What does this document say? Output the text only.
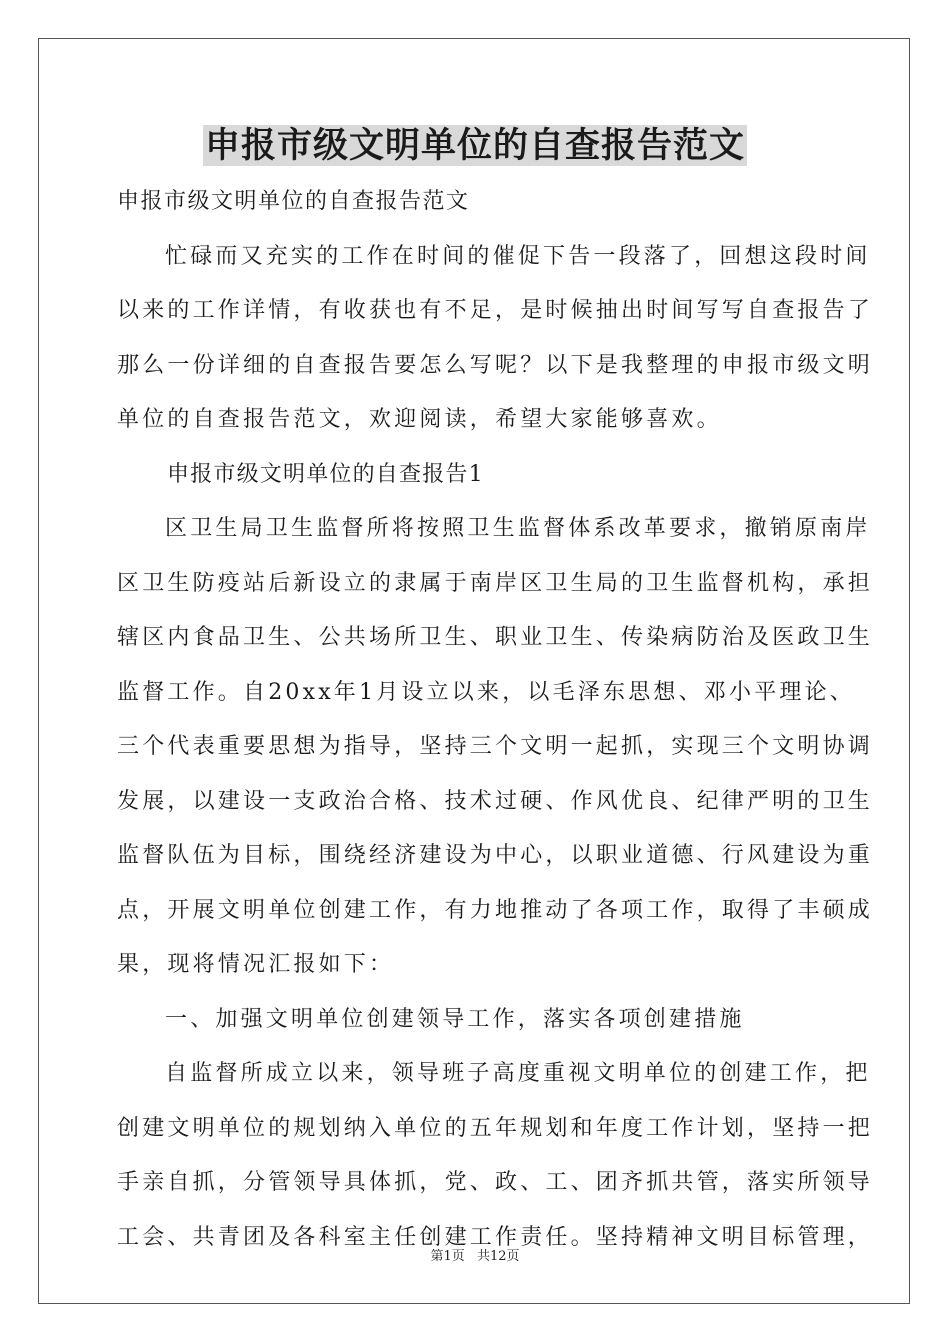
申报市级文明单位的自查报告范文
申报市级文明单位的自查报告范文
忙碌而又充实的工作在时间的催促下告一段落了，回想这段时间
以来的工作详情，有收获也有不足，是时候抽出时间写写自查报告了
那么一份详细的自查报告要怎么写呢？以下是我整理的申报市级文明
单位的自查报告范文，欢迎阅读，希望大家能够喜欢。
申报市级文明单位的自查报告1
区卫生局卫生监督所将按照卫生监督体系改革要求，撤销原南岸
区卫生防疫站后新设立的隶属于南岸区卫生局的卫生监督机构，承担
辖区内食品卫生、公共场所卫生、职业卫生、传染病防治及医政卫生
监督工作。自20xx年1月设立以来，以毛泽东思想、邓小平理论、
三个代表重要思想为指导，坚持三个文明一起抓，实现三个文明协调
发展，以建设一支政治合格、技术过硬、作风优良、纪律严明的卫生
监督队伍为目标，围绕经济建设为中心，以职业道德、行风建设为重
点，开展文明单位创建工作，有力地推动了各项工作，取得了丰硕成
果，现将情况汇报如下：
一、加强文明单位创建领导工作，落实各项创建措施
自监督所成立以来，领导班子高度重视文明单位的创建工作，把
创建文明单位的规划纳入单位的五年规划和年度工作计划，坚持一把
手亲自抓，分管领导具体抓，党、政、工、团齐抓共管，落实所领导
工会、共青团及各科室主任创建工作责任。坚持精神文明目标管理，
第1页 共12页
